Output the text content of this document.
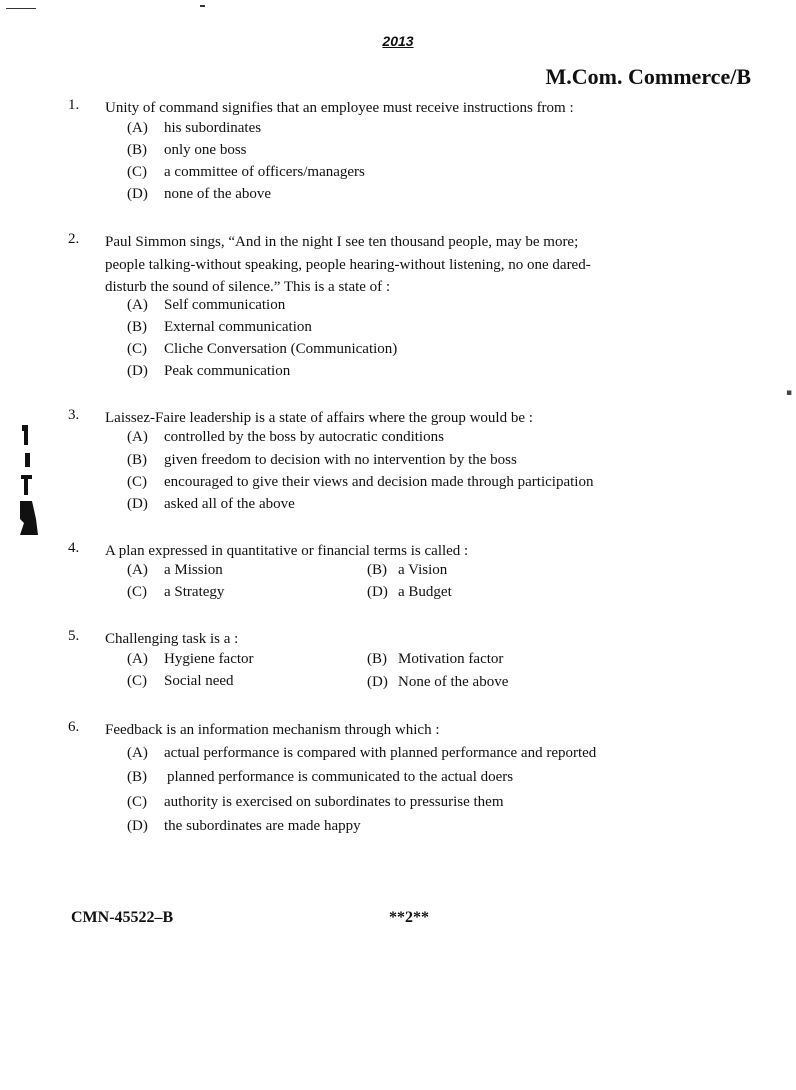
▪
2013
M.Com. Commerce/B
1. Unity of command signifies that an employee must receive instructions from :
(A) his subordinates
(B) only one boss
(C) a committee of officers/managers
(D) none of the above
2. Paul Simmon sings, “And in the night I see ten thousand people, may be more; people talking-without speaking, people hearing-without listening, no one dared-disturb the sound of silence.” This is a state of :
(A) Self communication
(B) External communication
(C) Cliche Conversation (Communication)
(D) Peak communication
3. Laissez-Faire leadership is a state of affairs where the group would be :
(A) controlled by the boss by autocratic conditions
(B) given freedom to decision with no intervention by the boss
(C) encouraged to give their views and decision made through participation
(D) asked all of the above
4. A plan expressed in quantitative or financial terms is called :
(A) a Mission	(B) a Vision
(C) a Strategy	(D) a Budget
5. Challenging task is a :
(A) Hygiene factor	(B) Motivation factor
(C) Social need	(D) None of the above
6. Feedback is an information mechanism through which :
(A) actual performance is compared with planned performance and reported
(B) planned performance is communicated to the actual doers
(C) authority is exercised on subordinates to pressurise them
(D) the subordinates are made happy
CMN-45522–B	**2**
